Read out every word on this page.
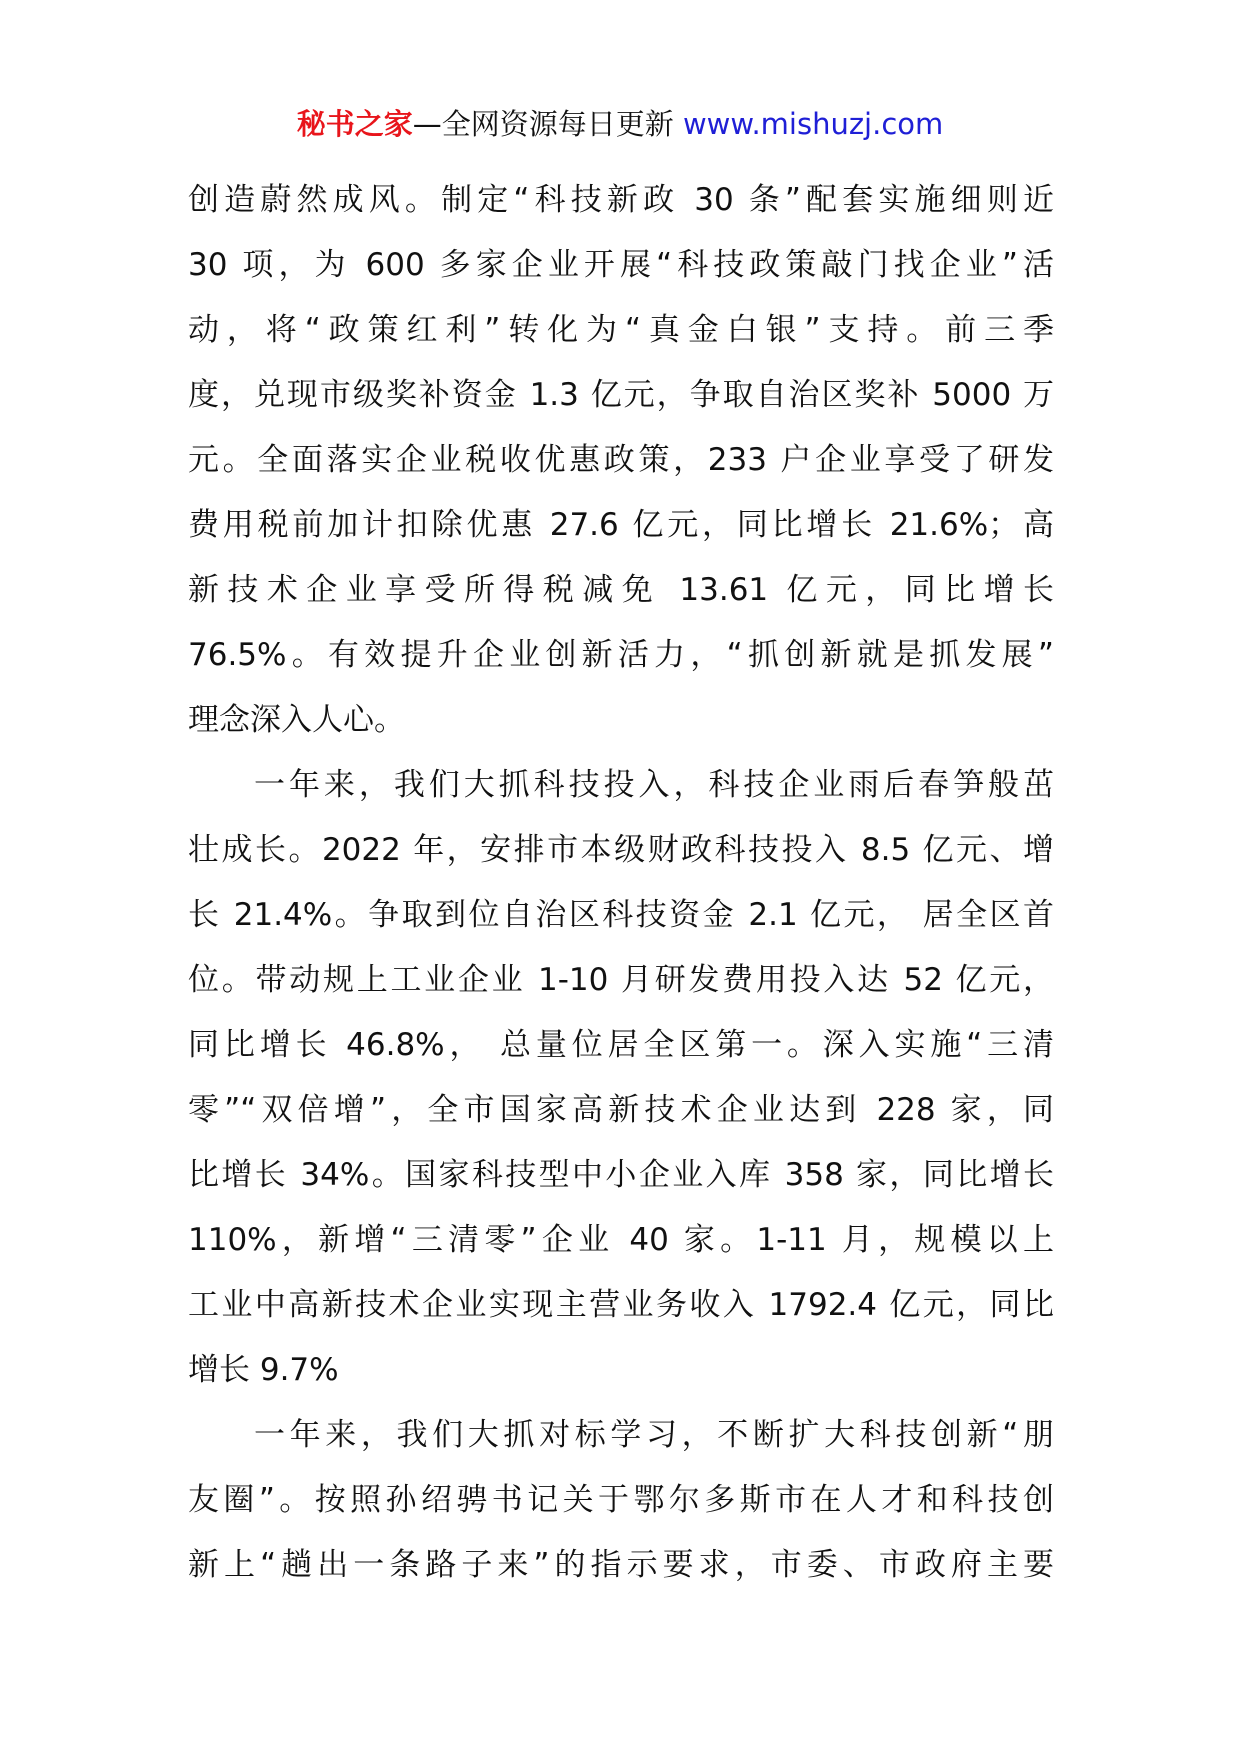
秘书之家—全网资源每日更新 www.mishuzj.com
创造蔚然成风。制定“科技新政 30 条”配套实施细则近
30 项，为 600 多家企业开展“科技政策敲门找企业”活
动，将“政策红利”转化为“真金白银”支持。前三季
度，兑现市级奖补资金 1.3 亿元，争取自治区奖补 5000 万
元。全面落实企业税收优惠政策，233 户企业享受了研发
费用税前加计扣除优惠 27.6 亿元，同比增长 21.6%；高
新技术企业享受所得税减免 13.61 亿元，同比增长
76.5%。有效提升企业创新活力，“抓创新就是抓发展”
理念深入人心。
一年来，我们大抓科技投入，科技企业雨后春笋般茁
壮成长。2022 年，安排市本级财政科技投入 8.5 亿元、增
长 21.4%。争取到位自治区科技资金 2.1 亿元， 居全区首
位。带动规上工业企业 1-10 月研发费用投入达 52 亿元，
同比增长 46.8%， 总量位居全区第一。深入实施“三清
零”“双倍增”，全市国家高新技术企业达到 228 家，同
比增长 34%。国家科技型中小企业入库 358 家，同比增长
110%，新增“三清零”企业 40 家。1-11 月，规模以上
工业中高新技术企业实现主营业务收入 1792.4 亿元，同比
增长 9.7%
一年来，我们大抓对标学习，不断扩大科技创新“朋
友圈”。按照孙绍骋书记关于鄂尔多斯市在人才和科技创
新上“趟出一条路子来”的指示要求，市委、市政府主要
